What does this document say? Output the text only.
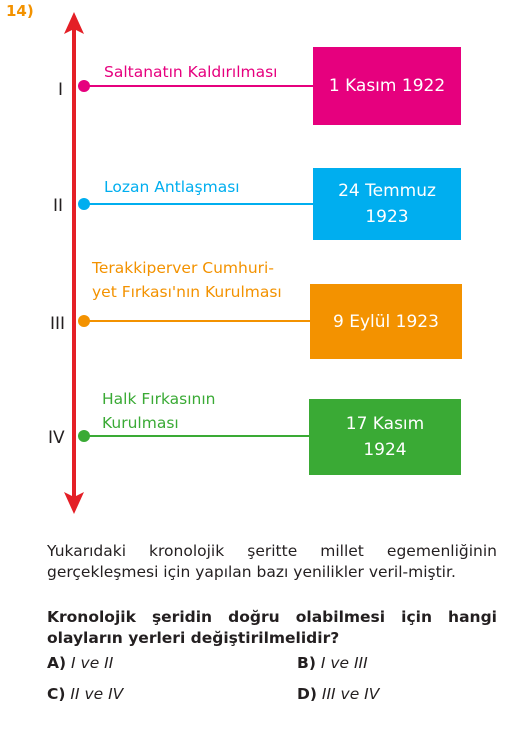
14)
I
II
III
IV
Saltanatın Kaldırılması
Lozan Antlaşması
Terakkiperver Cumhuri-
yet Fırkası'nın Kurulması
Halk Fırkasının
Kurulması
1 Kasım 1922
24 Temmuz
1923
9 Eylül 1923
17 Kasım
1924
Yukarıdaki kronolojik şeritte millet egemenliğinin gerçekleşmesi için yapılan bazı yenilikler veril-miştir.
Kronolojik şeridin doğru olabilmesi için hangi olayların yerleri değiştirilmelidir?
A) I ve II	B) I ve III
C) II ve IV	D) III ve IV
